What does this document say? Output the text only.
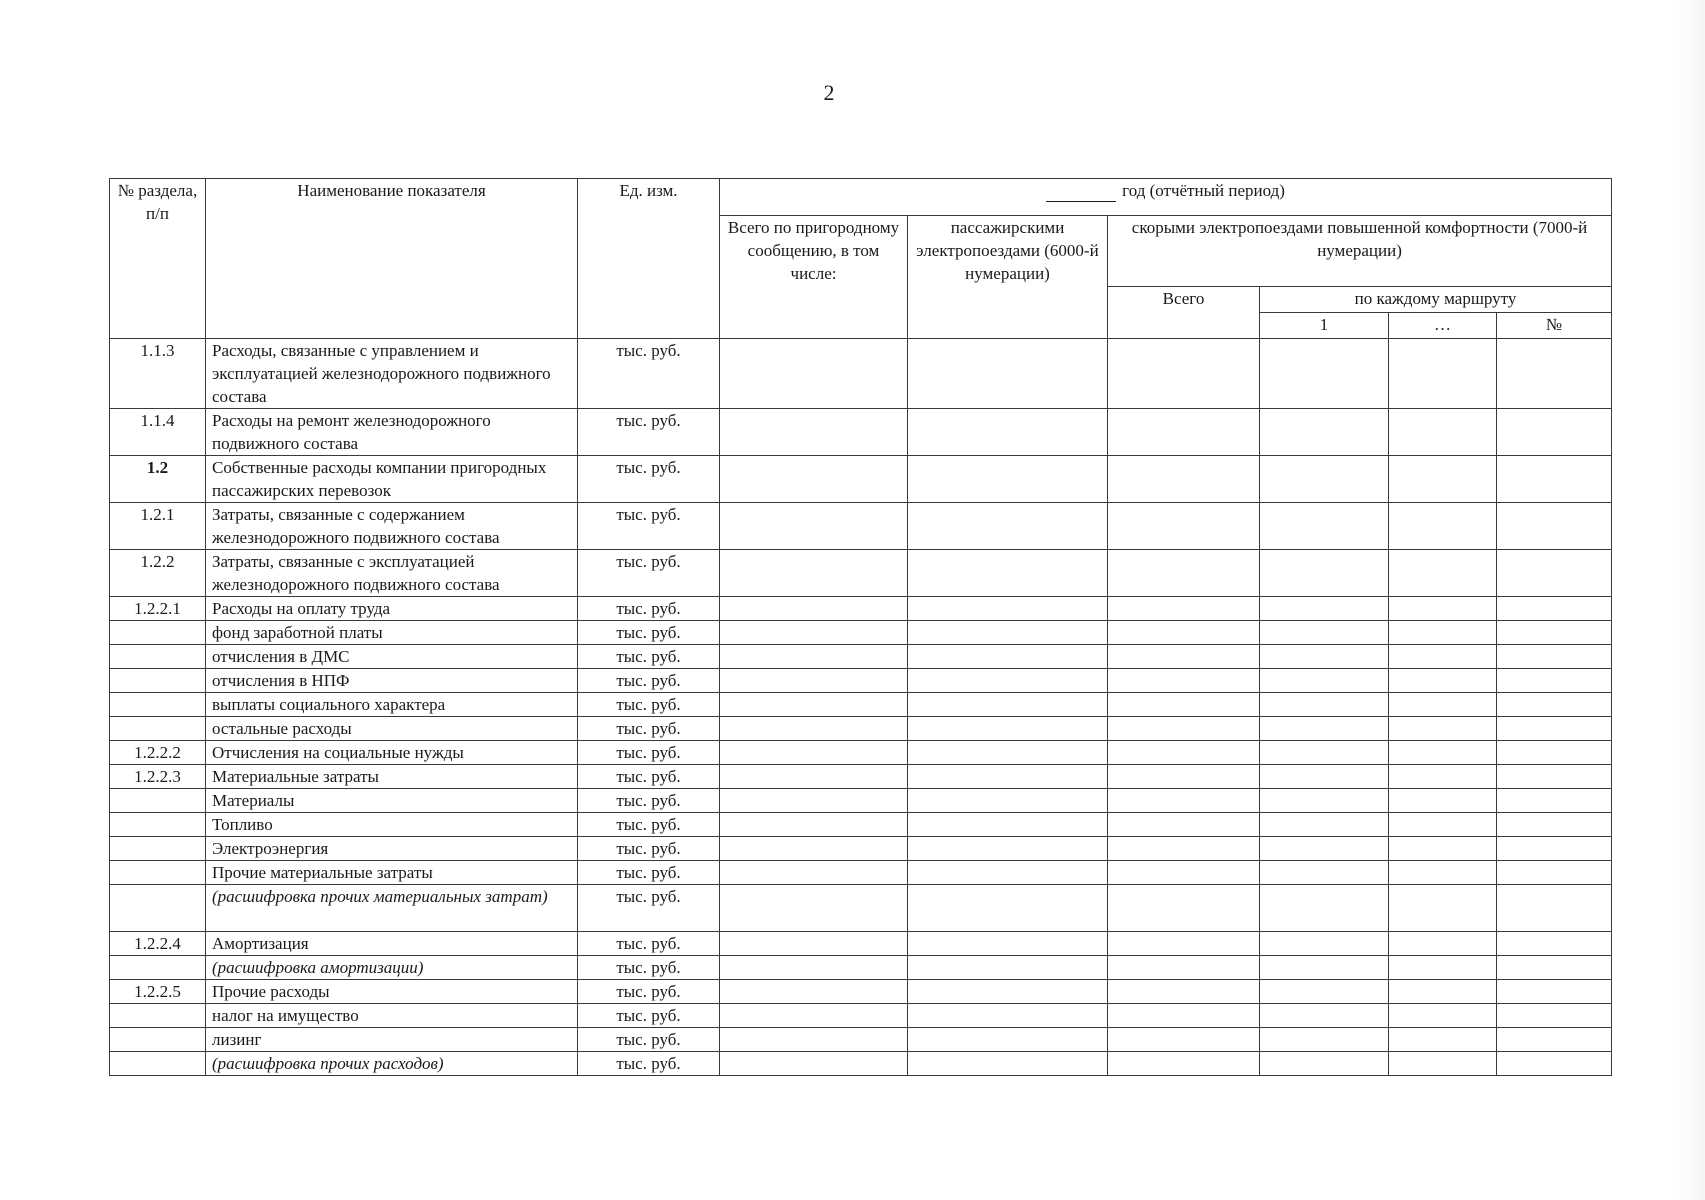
2
№ раздела, п/п	Наименование показателя	Ед. изм.	год (отчётный период)					
			Всего по пригородному сообщению, в том числе:	пассажирскими электропоездами (6000-й нумерации)	скорыми электропоездами повышенной комфортности (7000-й нумерации)			
					Всего	по каждому маршруту		
						1	…	№
1.1.3	Расходы, связанные с управлением и эксплуатацией железнодорожного подвижного состава	тыс. руб.						
1.1.4	Расходы на ремонт железнодорожного подвижного состава	тыс. руб.						
1.2	Собственные расходы компании пригородных пассажирских перевозок	тыс. руб.						
1.2.1	Затраты, связанные с содержанием железнодорожного подвижного состава	тыс. руб.						
1.2.2	Затраты, связанные с эксплуатацией железнодорожного подвижного состава	тыс. руб.						
1.2.2.1	Расходы на оплату труда	тыс. руб.						
	фонд заработной платы	тыс. руб.						
	отчисления в ДМС	тыс. руб.						
	отчисления в НПФ	тыс. руб.						
	выплаты социального характера	тыс. руб.						
	остальные расходы	тыс. руб.						
1.2.2.2	Отчисления на социальные нужды	тыс. руб.						
1.2.2.3	Материальные затраты	тыс. руб.						
	Материалы	тыс. руб.						
	Топливо	тыс. руб.						
	Электроэнергия	тыс. руб.						
	Прочие материальные затраты	тыс. руб.						
	(расшифровка прочих материальных затрат)	тыс. руб.						
1.2.2.4	Амортизация	тыс. руб.						
	(расшифровка амортизации)	тыс. руб.						
1.2.2.5	Прочие расходы	тыс. руб.						
	налог на имущество	тыс. руб.						
	лизинг	тыс. руб.						
	(расшифровка прочих расходов)	тыс. руб.						
